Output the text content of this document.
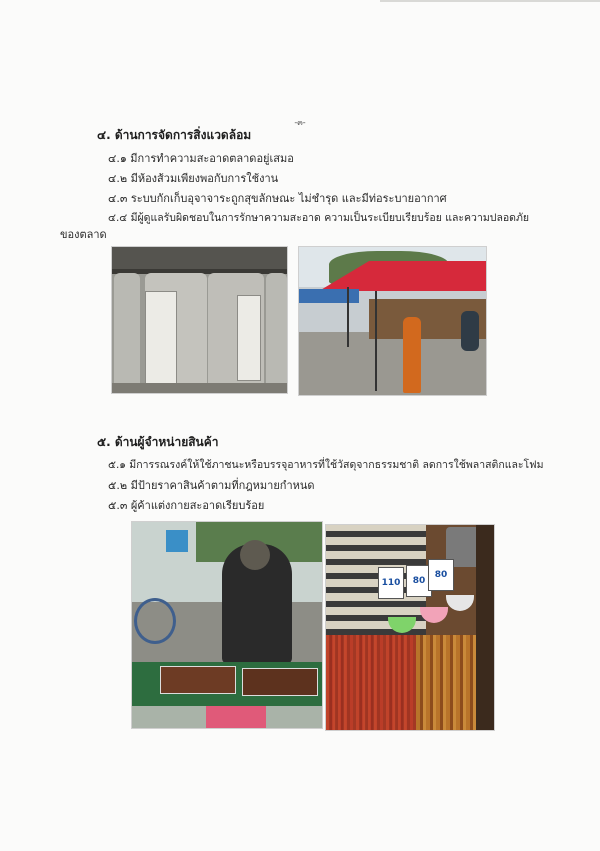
-๓-
๔. ด้านการจัดการสิ่งแวดล้อม
๔.๑ มีการทำความสะอาดตลาดอยู่เสมอ
๔.๒ มีห้องส้วมเพียงพอกับการใช้งาน
๔.๓ ระบบกักเก็บอุจาจาระถูกสุขลักษณะ ไม่ชำรุด และมีท่อระบายอากาศ
๔.๔ มีผู้ดูแลรับผิดชอบในการรักษาความสะอาด ความเป็นระเบียบเรียบร้อย และความปลอดภัย
ของตลาด
๕. ด้านผู้จำหน่ายสินค้า
๕.๑ มีการรณรงค์ให้ใช้ภาชนะหรือบรรจุอาหารที่ใช้วัสดุจากธรรมชาติ ลดการใช้พลาสติกและโฟม
๕.๒ มีป้ายราคาสินค้าตามที่กฎหมายกำหนด
๕.๓ ผู้ค้าแต่งกายสะอาดเรียบร้อย
110	80
80
